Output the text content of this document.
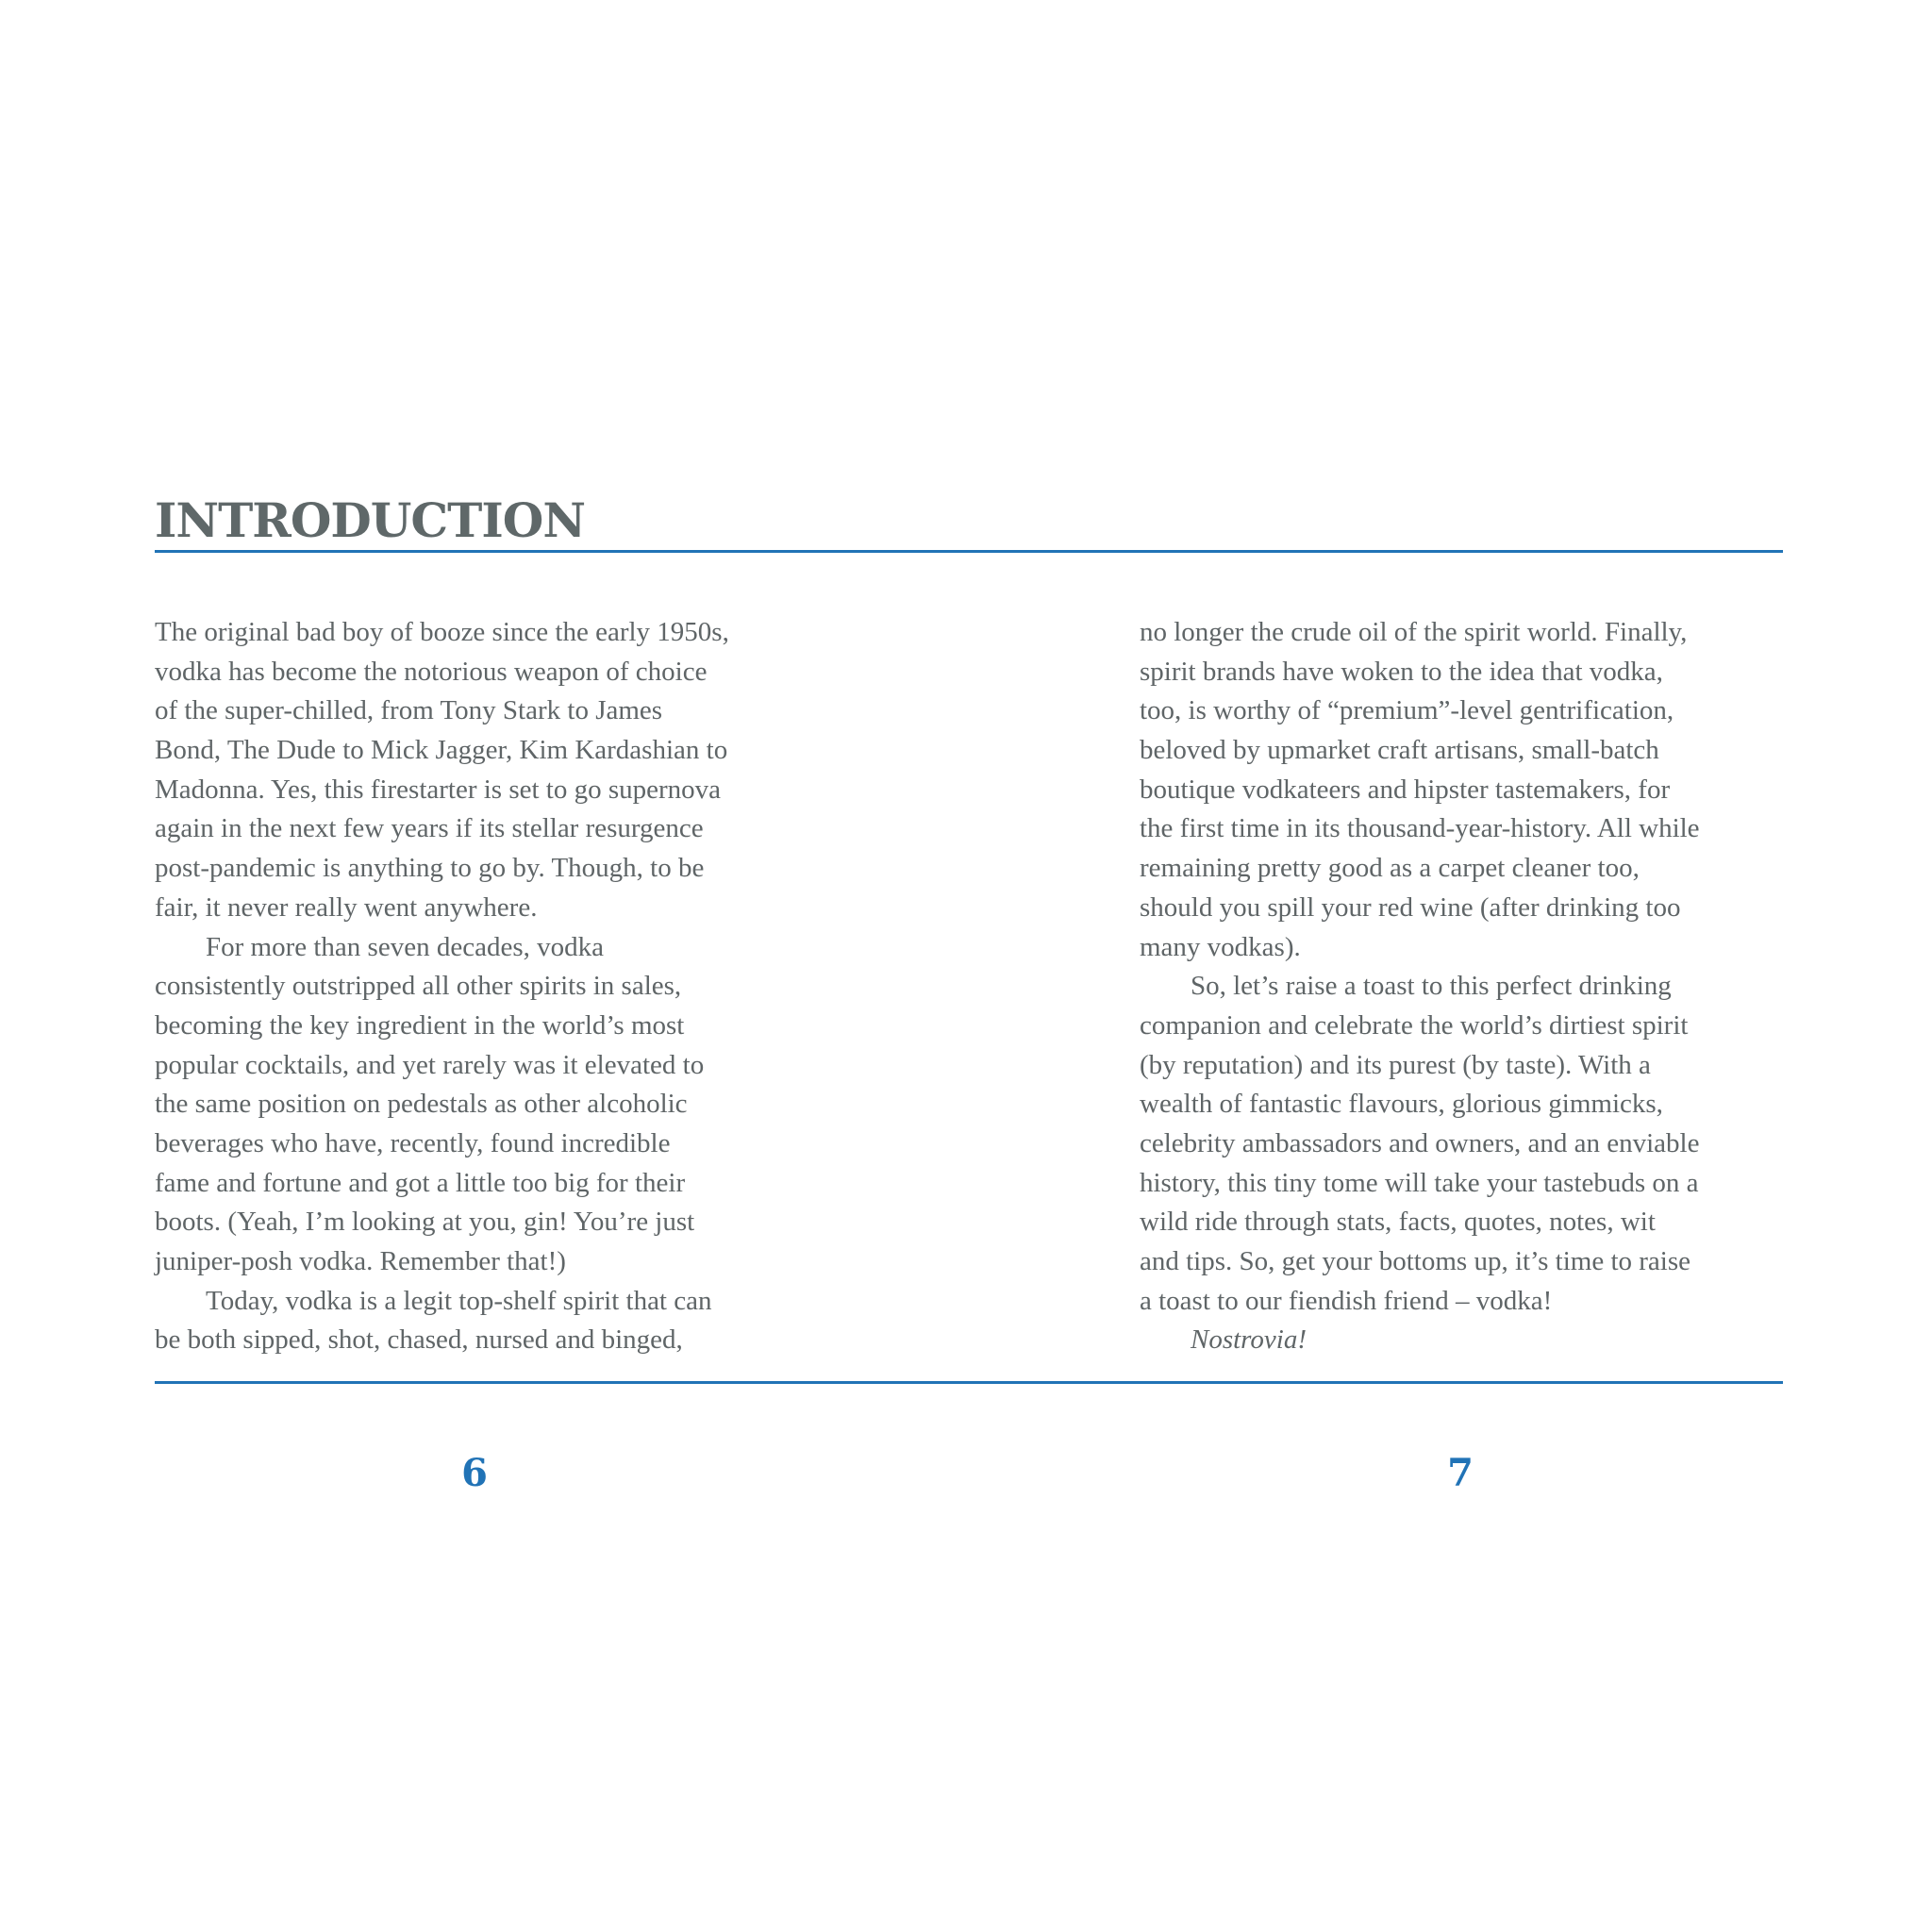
INTRODUCTION
The original bad boy of booze since the early 1950s,
vodka has become the notorious weapon of choice
of the super-chilled, from Tony Stark to James
Bond, The Dude to Mick Jagger, Kim Kardashian to
Madonna. Yes, this firestarter is set to go supernova
again in the next few years if its stellar resurgence
post-pandemic is anything to go by. Though, to be
fair, it never really went anywhere.
For more than seven decades, vodka
consistently outstripped all other spirits in sales,
becoming the key ingredient in the world’s most
popular cocktails, and yet rarely was it elevated to
the same position on pedestals as other alcoholic
beverages who have, recently, found incredible
fame and fortune and got a little too big for their
boots. (Yeah, I’m looking at you, gin! You’re just
juniper-posh vodka. Remember that!)
Today, vodka is a legit top-shelf spirit that can
be both sipped, shot, chased, nursed and binged,
no longer the crude oil of the spirit world. Finally,
spirit brands have woken to the idea that vodka,
too, is worthy of “premium”-level gentrification,
beloved by upmarket craft artisans, small-batch
boutique vodkateers and hipster tastemakers, for
the first time in its thousand-year-history. All while
remaining pretty good as a carpet cleaner too,
should you spill your red wine (after drinking too
many vodkas).
So, let’s raise a toast to this perfect drinking
companion and celebrate the world’s dirtiest spirit
(by reputation) and its purest (by taste). With a
wealth of fantastic flavours, glorious gimmicks,
celebrity ambassadors and owners, and an enviable
history, this tiny tome will take your tastebuds on a
wild ride through stats, facts, quotes, notes, wit
and tips. So, get your bottoms up, it’s time to raise
a toast to our fiendish friend – vodka!
Nostrovia!
6	7
